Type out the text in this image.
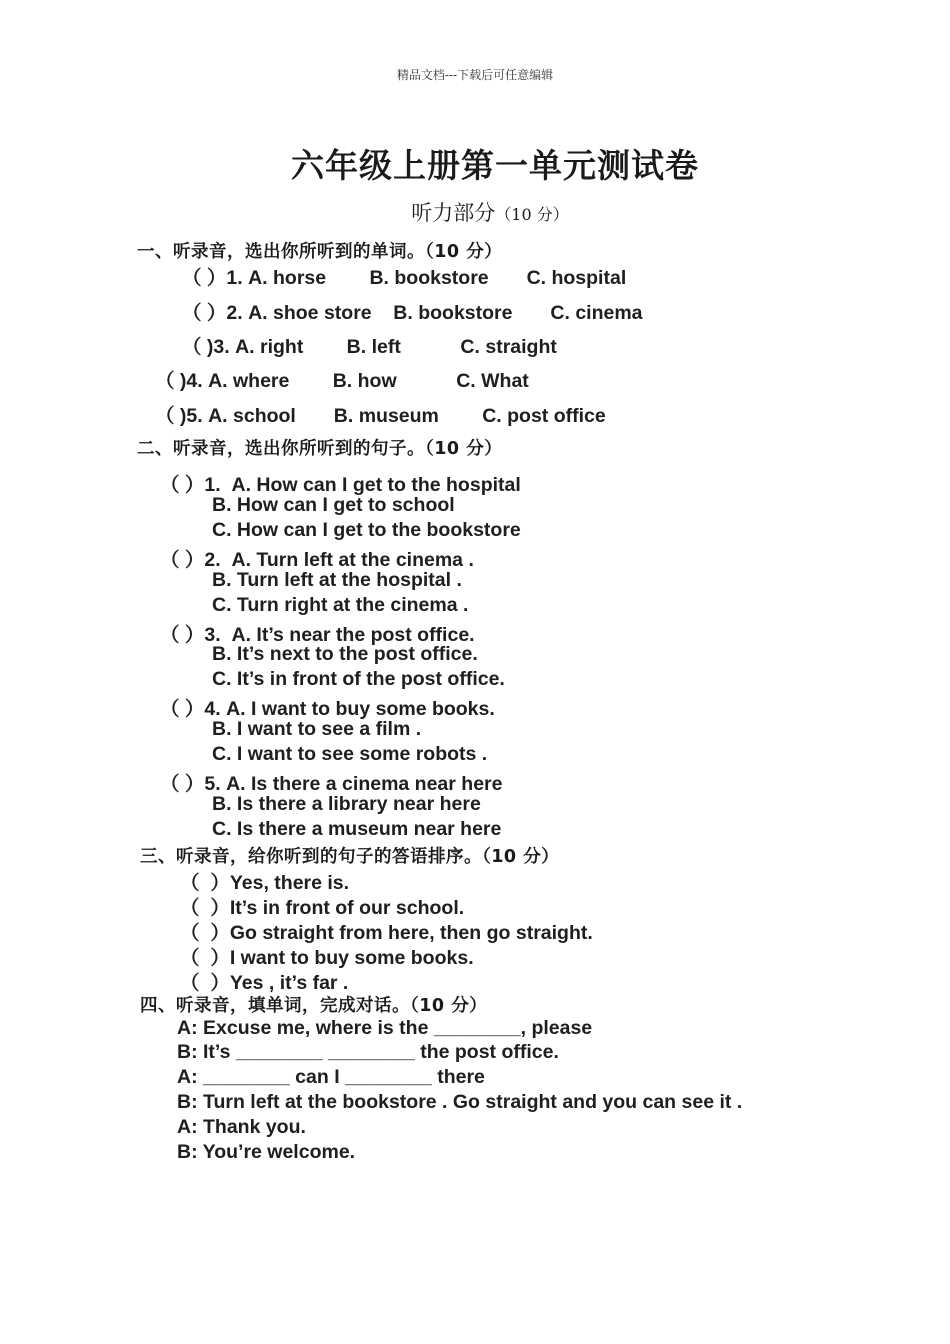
精品文档---下载后可任意编辑
六年级上册第一单元测试卷
听力部分（10 分）
一、听录音，选出你所听到的单词。（10 分）
（ ）1. A. horse        B. bookstore       C. hospital
（ ）2. A. shoe store    B. bookstore       C. cinema
（ )3. A. right        B. left           C. straight
（ )4. A. where        B. how           C. What
（ )5. A. school       B. museum        C. post office
二、听录音，选出你所听到的句子。（10 分）
（ ）1.  A. How can I get to the hospital
B. How can I get to school
C. How can I get to the bookstore
（ ）2.  A. Turn left at the cinema .
B. Turn left at the hospital .
C. Turn right at the cinema .
（ ）3.  A. It’s near the post office.
B. It’s next to the post office.
C. It’s in front of the post office.
（ ）4. A. I want to buy some books.
B. I want to see a film .
C. I want to see some robots .
（ ）5. A. Is there a cinema near here
B. Is there a library near here
C. Is there a museum near here
三、听录音，给你听到的句子的答语排序。（10 分）
（  ）Yes, there is.
（  ）It’s in front of our school.
（  ）Go straight from here, then go straight.
（  ）I want to buy some books.
（  ）Yes , it’s far .
四、听录音，填单词，完成对话。（10 分）
A: Excuse me, where is the ________, please
B: It’s ________ ________ the post office.
A: ________ can I ________ there
B: Turn left at the bookstore . Go straight and you can see it .
A: Thank you.
B: You’re welcome.
